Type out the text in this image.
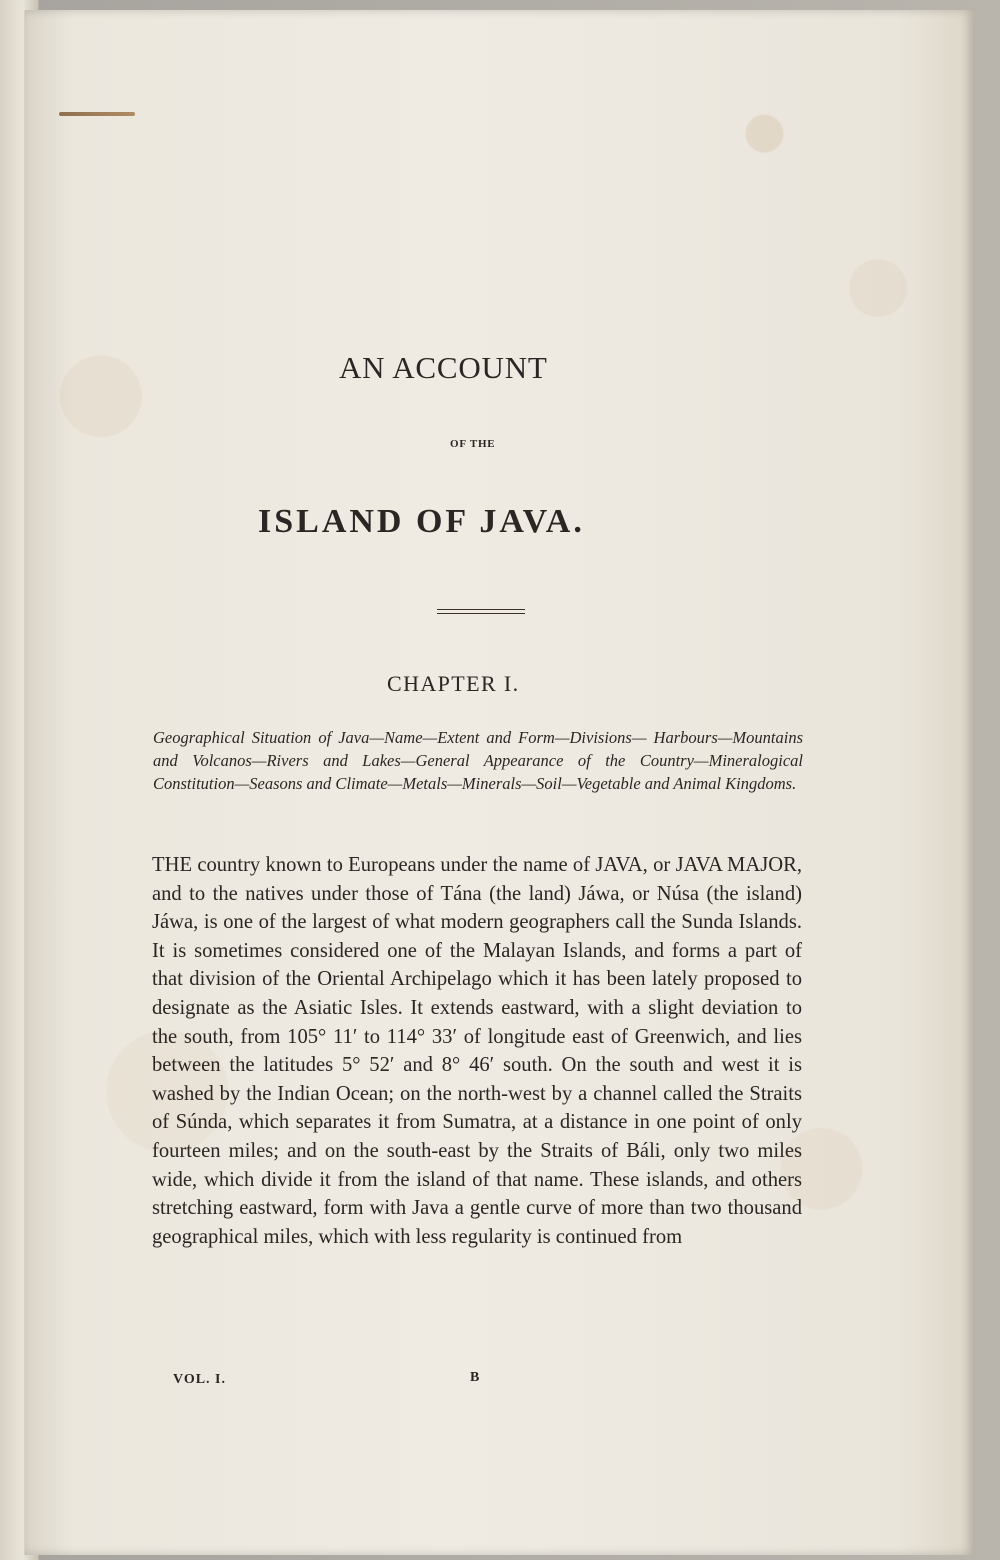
AN ACCOUNT
OF THE
ISLAND OF JAVA.
CHAPTER I.
Geographical Situation of Java—Name—Extent and Form—Divisions— Harbours—Mountains and Volcanos—Rivers and Lakes—General Appearance of the Country—Mineralogical Constitution—Seasons and Climate—Metals—Minerals—Soil—Vegetable and Animal Kingdoms.
THE country known to Europeans under the name of JAVA, or JAVA MAJOR, and to the natives under those of Tána (the land) Jáwa, or Núsa (the island) Jáwa, is one of the largest of what modern geographers call the Sunda Islands. It is sometimes considered one of the Malayan Islands, and forms a part of that division of the Oriental Archipelago which it has been lately proposed to designate as the Asiatic Isles. It extends eastward, with a slight deviation to the south, from 105° 11′ to 114° 33′ of longitude east of Greenwich, and lies between the latitudes 5° 52′ and 8° 46′ south. On the south and west it is washed by the Indian Ocean; on the north-west by a channel called the Straits of Súnda, which separates it from Sumatra, at a distance in one point of only fourteen miles; and on the south-east by the Straits of Báli, only two miles wide, which divide it from the island of that name. These islands, and others stretching eastward, form with Java a gentle curve of more than two thousand geographical miles, which with less regularity is continued from
VOL. I.	B
